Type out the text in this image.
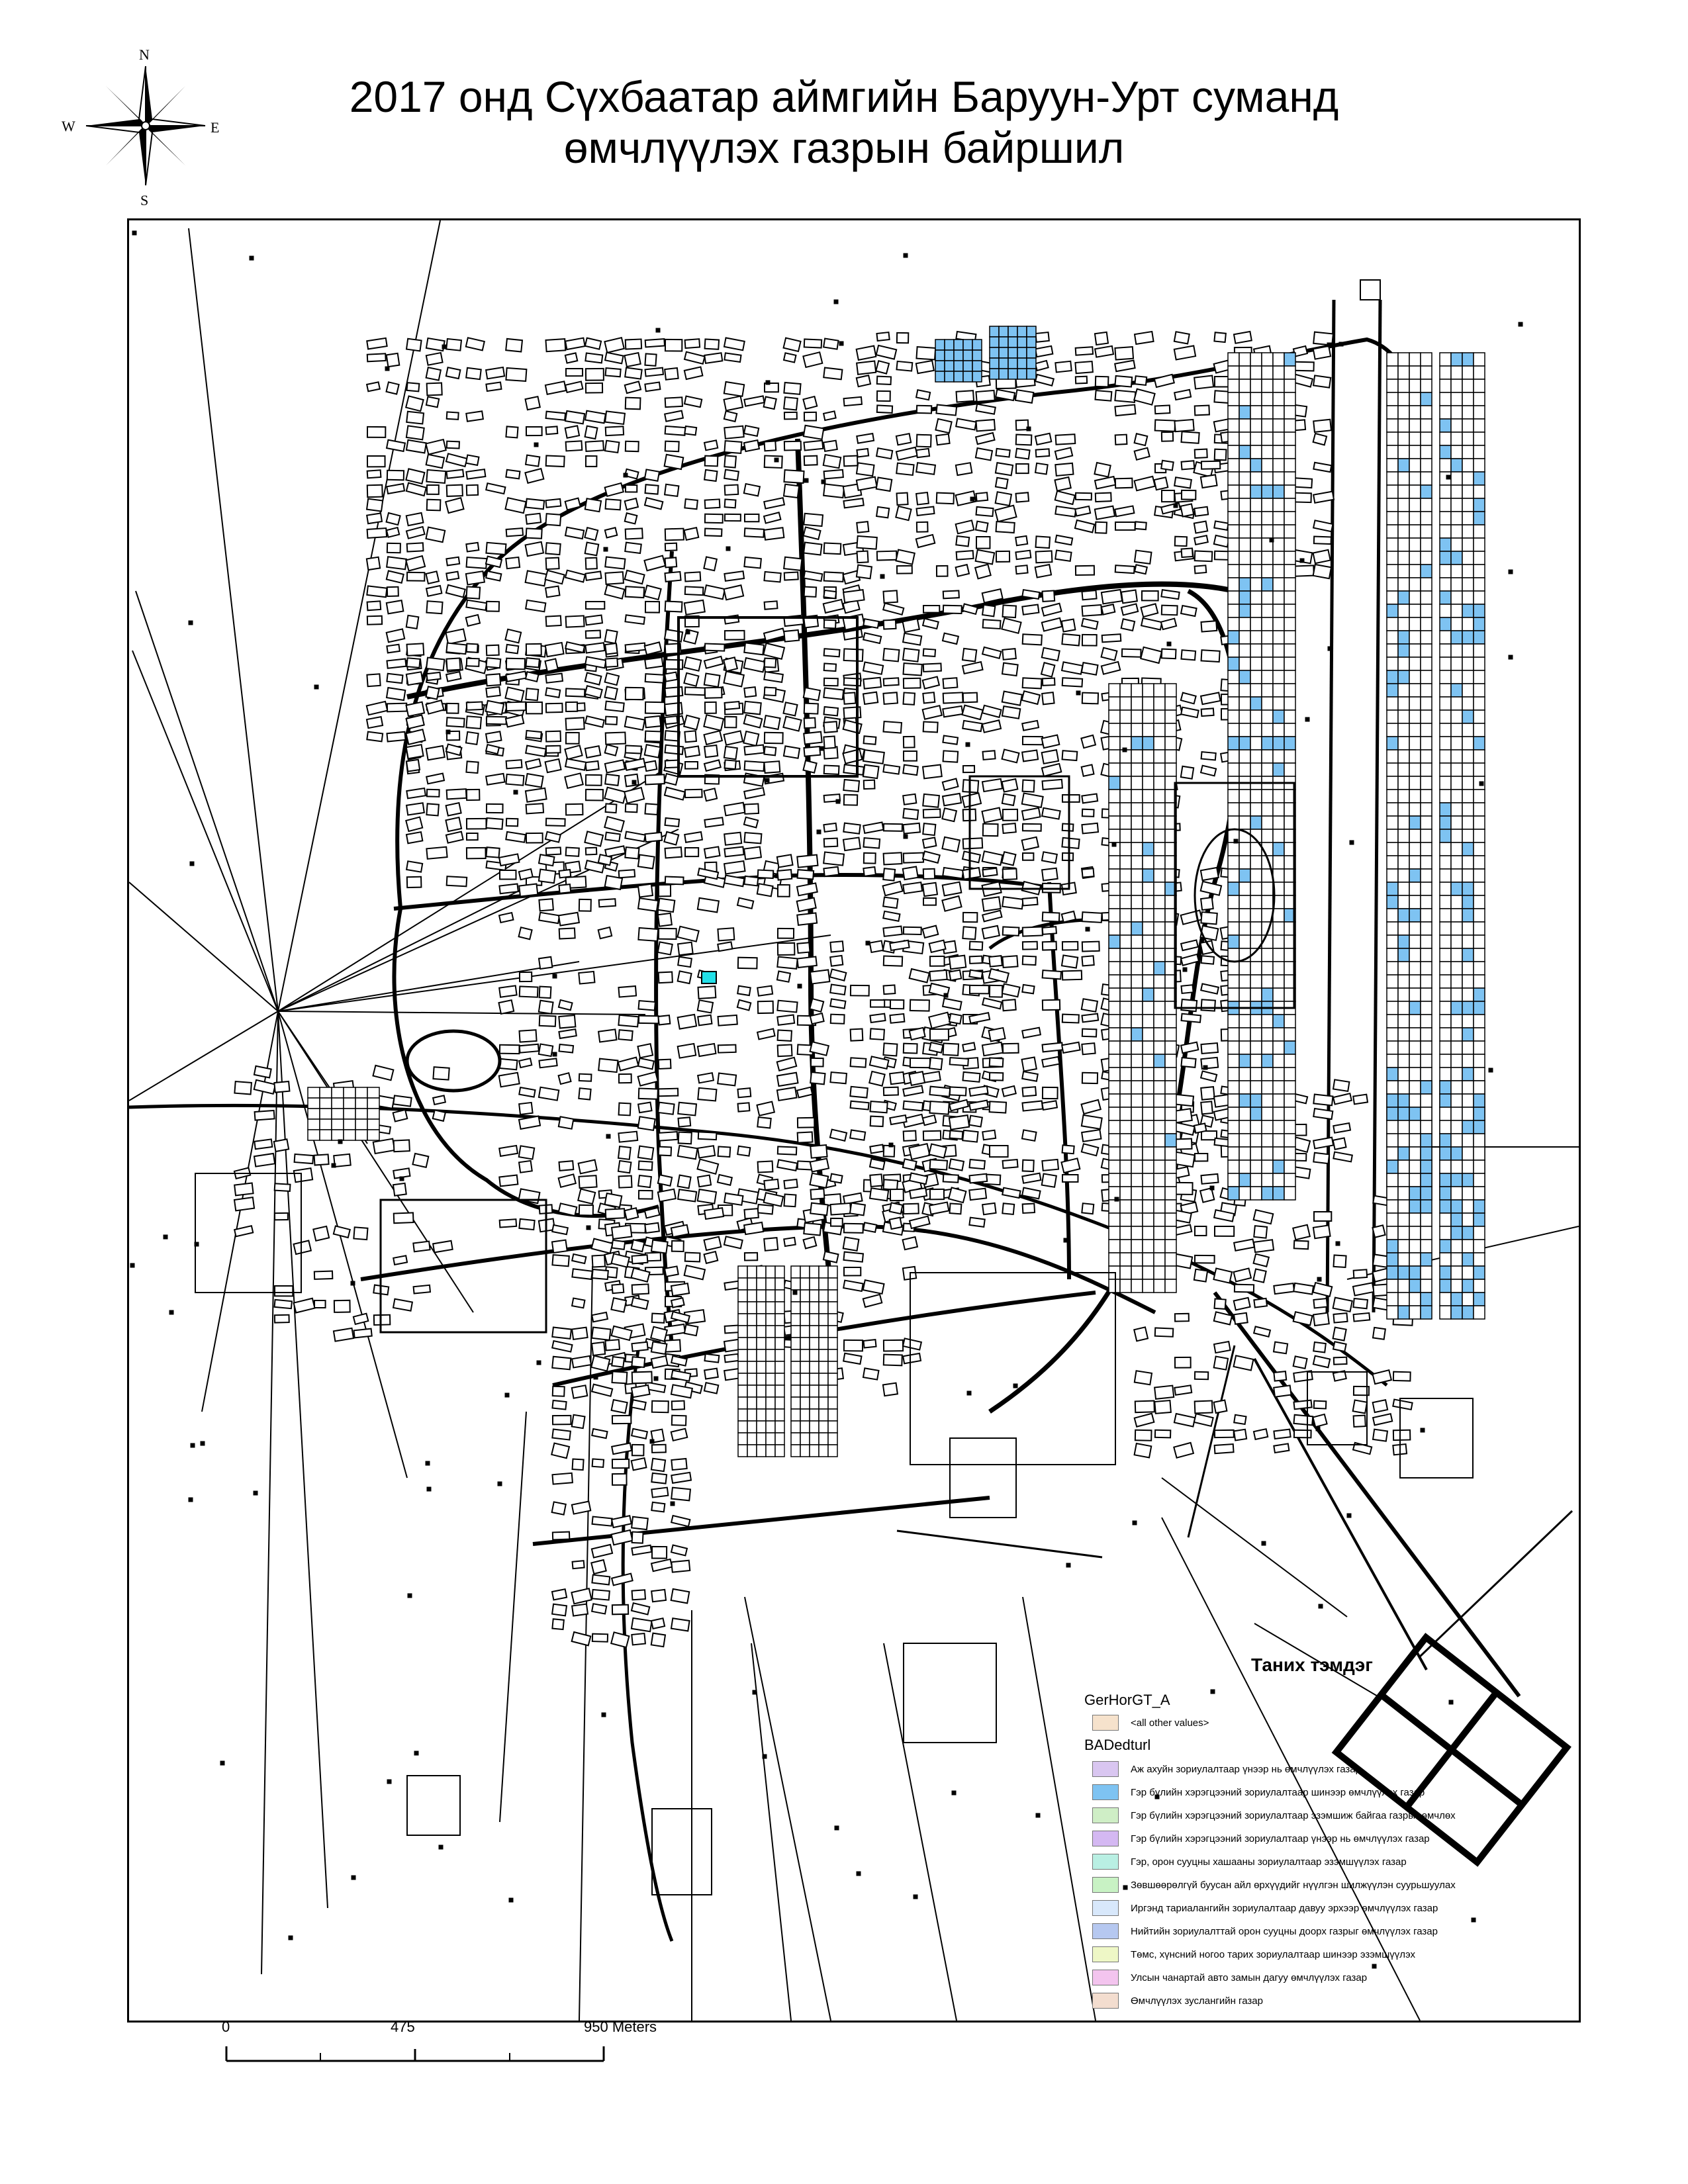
2017 онд Сүхбаатар аймгийн Баруун-Урт суманд
өмчлүүлэх газрын байршил
N
S
E
W
Таних тэмдэг
GerHorGT_A
<all other values>
BADedturl
Аж ахуйн зориулалтаар үнээр нь өмчлүүлэх газар
Гэр бүлийн хэрэгцээний зориулалтаар шинээр өмчлүүлэх газар
Гэр бүлийн хэрэгцээний зориулалтаар эзэмшиж байгаа газрыг өмчлөх
Гэр бүлийн хэрэгцээний зориулалтаар үнээр нь өмчлүүлэх газар
Гэр, орон сууцны хашааны зориулалтаар эзэмшүүлэх газар
Зөвшөөрөлгүй буусан айл өрхүүдийг нүүлгэн шилжүүлэн суурьшуулах
Иргэнд тариалангийн зориулалтаар давуу эрхээр өмчлүүлэх газар
Нийтийн зориулалттай орон сууцны доорх газрыг өмчлүүлэх газар
Төмс, хүнсний ногоо тарих зориулалтаар шинээр эзэмшүүлэх
Улсын чанартай авто замын дагуу өмчлүүлэх газар
Өмчлүүлэх зуслангийн газар
0	475	950 Meters
